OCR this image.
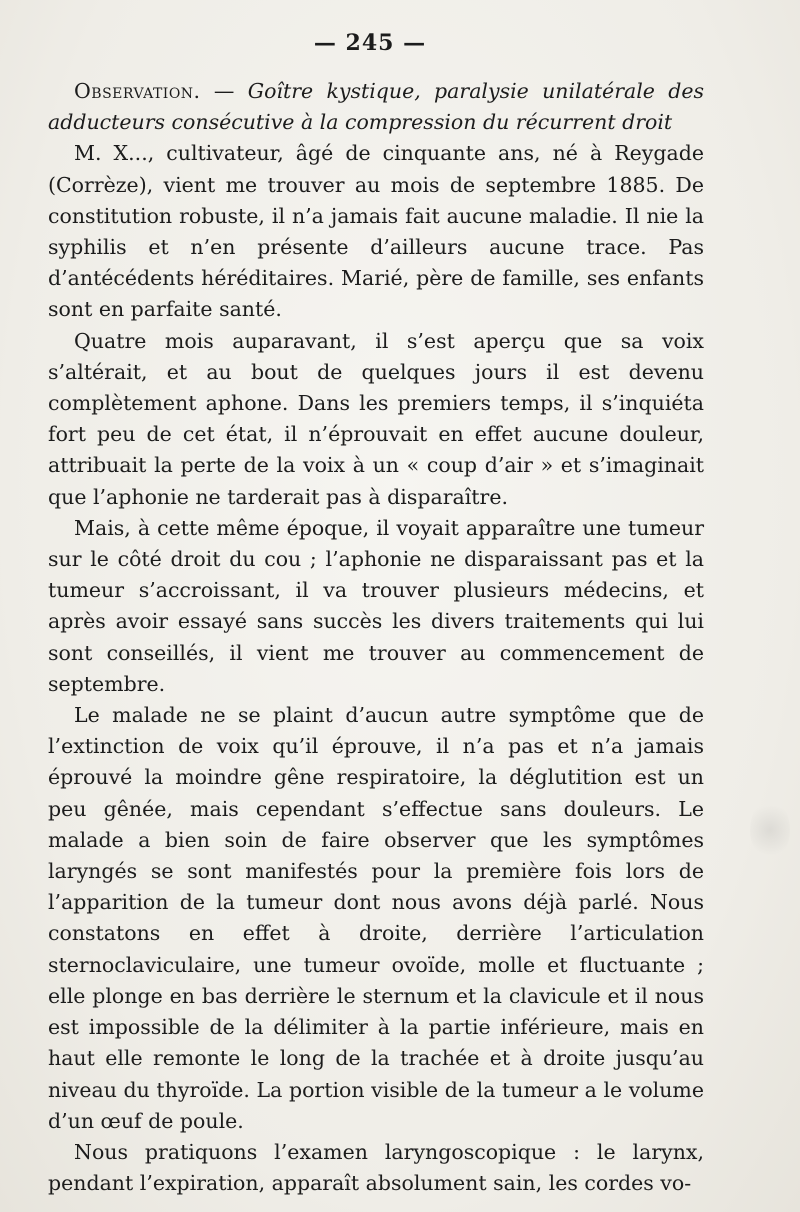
— 245 —

Observation. — Goître kystique, paralysie unilatérale des adducteurs consécutive à la compression du récurrent droit

M. X..., cultivateur, âgé de cinquante ans, né à Reygade (Corrèze), vient me trouver au mois de septembre 1885. De constitution robuste, il n’a jamais fait aucune maladie. Il nie la syphilis et n’en présente d’ailleurs aucune trace. Pas d’antécédents héréditaires. Marié, père de famille, ses enfants sont en parfaite santé.

Quatre mois auparavant, il s’est aperçu que sa voix s’altérait, et au bout de quelques jours il est devenu complètement aphone. Dans les premiers temps, il s’inquiéta fort peu de cet état, il n’éprouvait en effet aucune douleur, attribuait la perte de la voix à un « coup d’air » et s’imaginait que l’aphonie ne tarderait pas à disparaître.

Mais, à cette même époque, il voyait apparaître une tumeur sur le côté droit du cou ; l’aphonie ne disparaissant pas et la tumeur s’accroissant, il va trouver plusieurs médecins, et après avoir essayé sans succès les divers traitements qui lui sont conseillés, il vient me trouver au commencement de septembre.

Le malade ne se plaint d’aucun autre symptôme que de l’extinction de voix qu’il éprouve, il n’a pas et n’a jamais éprouvé la moindre gêne respiratoire, la déglutition est un peu gênée, mais cependant s’effectue sans douleurs. Le malade a bien soin de faire observer que les symptômes laryngés se sont manifestés pour la première fois lors de l’apparition de la tumeur dont nous avons déjà parlé. Nous constatons en effet à droite, derrière l’articulation sternoclaviculaire, une tumeur ovoïde, molle et fluctuante ; elle plonge en bas derrière le sternum et la clavicule et il nous est impossible de la délimiter à la partie inférieure, mais en haut elle remonte le long de la trachée et à droite jusqu’au niveau du thyroïde. La portion visible de la tumeur a le volume d’un œuf de poule.

Nous pratiquons l’examen laryngoscopique : le larynx, pendant l’expiration, apparaît absolument sain, les cordes vo-
